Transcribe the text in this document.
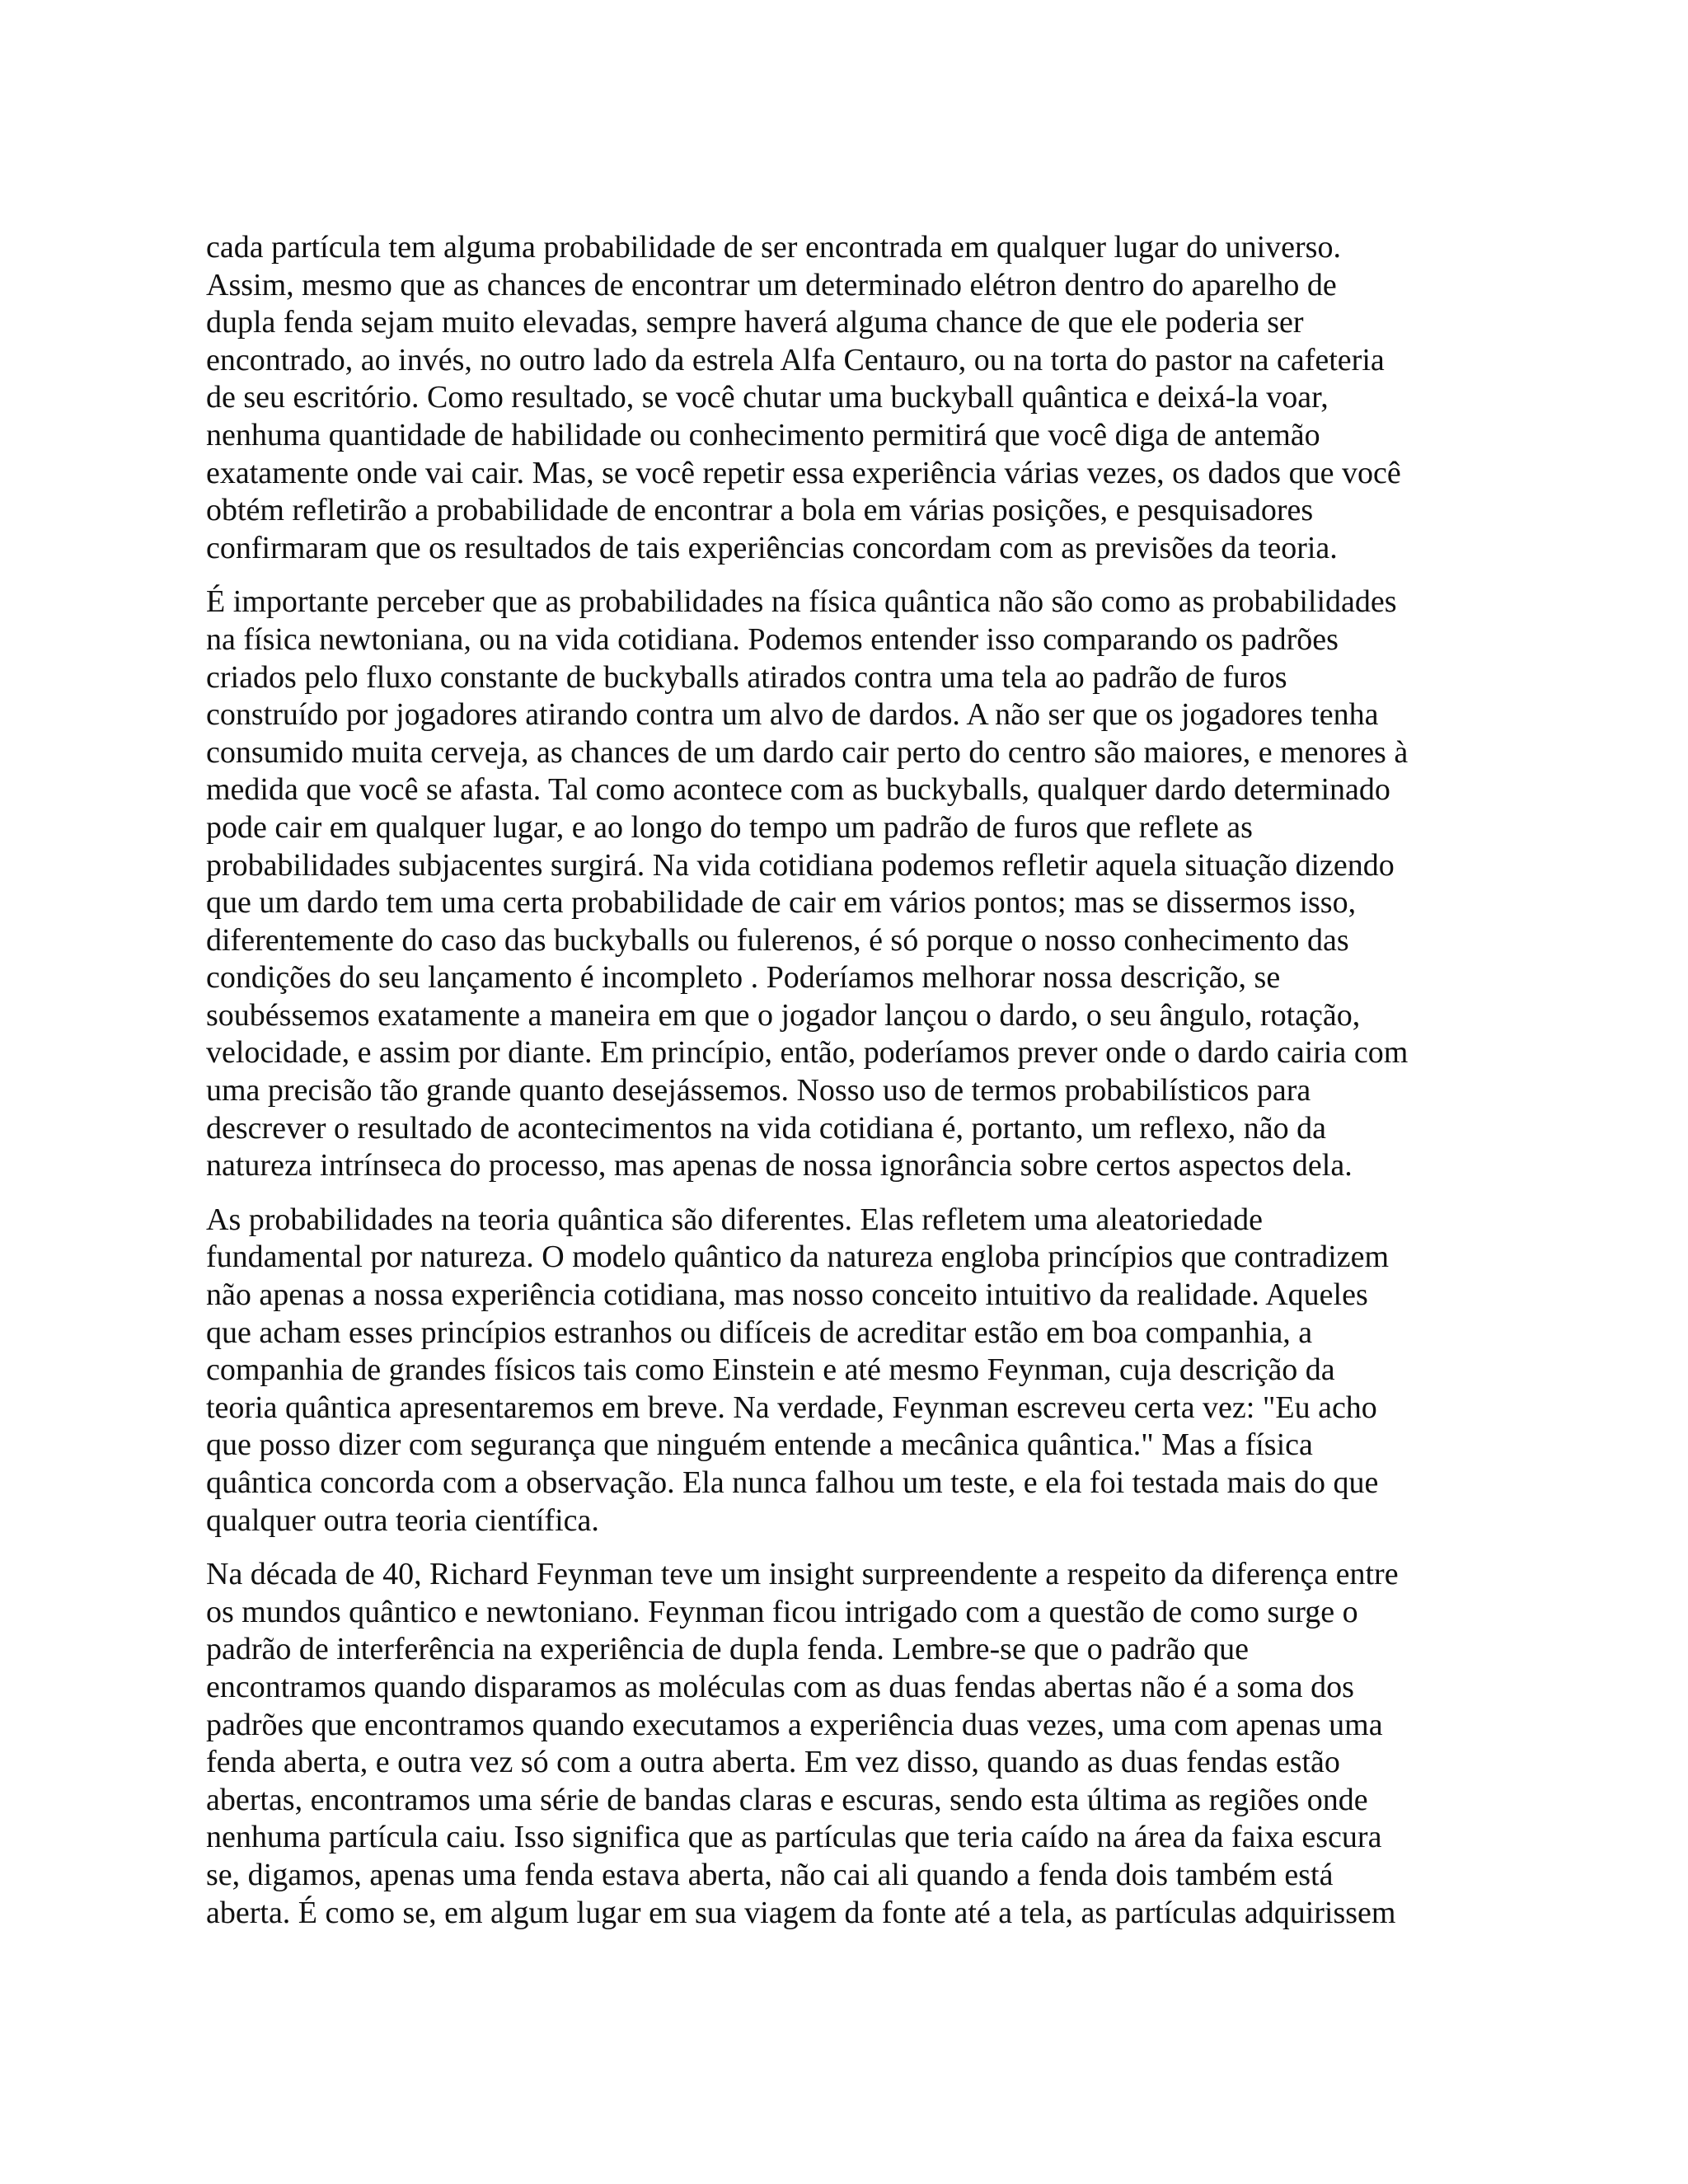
cada partícula tem alguma probabilidade de ser encontrada em qualquer lugar do universo.
Assim, mesmo que as chances de encontrar um determinado elétron dentro do aparelho de
dupla fenda sejam muito elevadas, sempre haverá alguma chance de que ele poderia ser
encontrado, ao invés, no outro lado da estrela Alfa Centauro, ou na torta do pastor na cafeteria
de seu escritório. Como resultado, se você chutar uma buckyball quântica e deixá-la voar,
nenhuma quantidade de habilidade ou conhecimento permitirá que você diga de antemão
exatamente onde vai cair. Mas, se você repetir essa experiência várias vezes, os dados que você
obtém refletirão a probabilidade de encontrar a bola em várias posições, e pesquisadores
confirmaram que os resultados de tais experiências concordam com as previsões da teoria.
É importante perceber que as probabilidades na física quântica não são como as probabilidades
na física newtoniana, ou na vida cotidiana. Podemos entender isso comparando os padrões
criados pelo fluxo constante de buckyballs atirados contra uma tela ao padrão de furos
construído por jogadores atirando contra um alvo de dardos. A não ser que os jogadores tenha
consumido muita cerveja, as chances de um dardo cair perto do centro são maiores, e menores à
medida que você se afasta. Tal como acontece com as buckyballs, qualquer dardo determinado
pode cair em qualquer lugar, e ao longo do tempo um padrão de furos que reflete as
probabilidades subjacentes surgirá. Na vida cotidiana podemos refletir aquela situação dizendo
que um dardo tem uma certa probabilidade de cair em vários pontos; mas se dissermos isso,
diferentemente do caso das buckyballs ou fulerenos, é só porque o nosso conhecimento das
condições do seu lançamento é incompleto . Poderíamos melhorar nossa descrição, se
soubéssemos exatamente a maneira em que o jogador lançou o dardo, o seu ângulo, rotação,
velocidade, e assim por diante. Em princípio, então, poderíamos prever onde o dardo cairia com
uma precisão tão grande quanto desejássemos. Nosso uso de termos probabilísticos para
descrever o resultado de acontecimentos na vida cotidiana é, portanto, um reflexo, não da
natureza intrínseca do processo, mas apenas de nossa ignorância sobre certos aspectos dela.
As probabilidades na teoria quântica são diferentes. Elas refletem uma aleatoriedade
fundamental por natureza. O modelo quântico da natureza engloba princípios que contradizem
não apenas a nossa experiência cotidiana, mas nosso conceito intuitivo da realidade. Aqueles
que acham esses princípios estranhos ou difíceis de acreditar estão em boa companhia, a
companhia de grandes físicos tais como Einstein e até mesmo Feynman, cuja descrição da
teoria quântica apresentaremos em breve. Na verdade, Feynman escreveu certa vez: "Eu acho
que posso dizer com segurança que ninguém entende a mecânica quântica." Mas a física
quântica concorda com a observação. Ela nunca falhou um teste, e ela foi testada mais do que
qualquer outra teoria científica.
Na década de 40, Richard Feynman teve um insight surpreendente a respeito da diferença entre
os mundos quântico e newtoniano. Feynman ficou intrigado com a questão de como surge o
padrão de interferência na experiência de dupla fenda. Lembre-se que o padrão que
encontramos quando disparamos as moléculas com as duas fendas abertas não é a soma dos
padrões que encontramos quando executamos a experiência duas vezes, uma com apenas uma
fenda aberta, e outra vez só com a outra aberta. Em vez disso, quando as duas fendas estão
abertas, encontramos uma série de bandas claras e escuras, sendo esta última as regiões onde
nenhuma partícula caiu. Isso significa que as partículas que teria caído na área da faixa escura
se, digamos, apenas uma fenda estava aberta, não cai ali quando a fenda dois também está
aberta. É como se, em algum lugar em sua viagem da fonte até a tela, as partículas adquirissem
